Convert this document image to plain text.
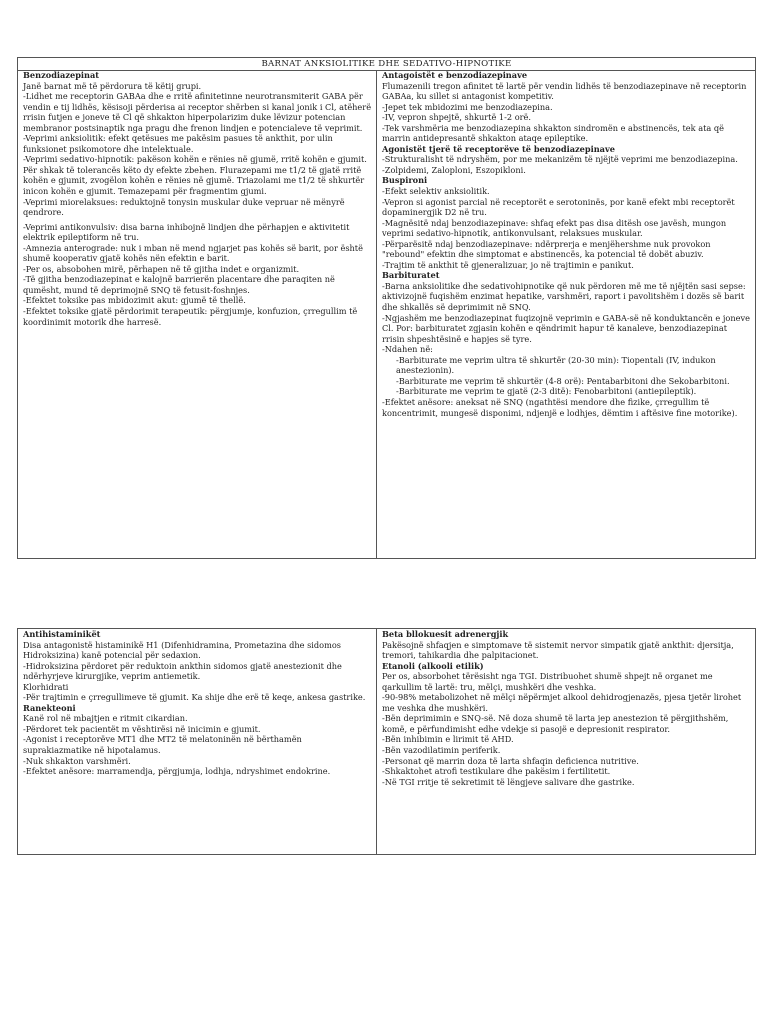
BARNAT ANKSIOLITIKE DHE SEDATIVO-HIPNOTIKE
Benzodiazepinat
Janë barnat më të përdorura të këtij grupi.
-Lidhet me receptorin GABAa dhe e rritë afinitetinne neurotransmiterit GABA për vendin e tij lidhës, kësisoji përderisa ai receptor shërben si kanal jonik i Cl, atëherë rrisin futjen e joneve të Cl që shkakton hiperpolarizim duke lëvizur potencian membranor postsinaptik nga pragu dhe frenon lindjen e potencialeve të veprimit.
-Veprimi anksiolitik: efekt qetësues me pakësim pasues të ankthit, por ulin funksionet psikomotore dhe intelektuale.
-Veprimi sedativo-hipnotik: pakëson kohën e rënies në gjumë, rritë kohën e gjumit. Për shkak të tolerancës këto dy efekte zbehen. Flurazepami me t1/2 të gjatë rritë kohën e gjumit, zvogëlon kohën e rënies në gjumë. Triazolami me t1/2 të shkurtër inicon kohën e gjumit. Temazepami për fragmentim gjumi.
-Veprimi miorelaksues: reduktojnë tonysin muskular duke vepruar në mënyrë qendrore.
-Veprimi antikonvulsiv: disa barna inhibojnë lindjen dhe përhapjen e aktivitetit elektrik epileptiform në tru.
-Amnezia anterograde: nuk i mban në mend ngjarjet pas kohës së barit, por është shumë kooperativ gjatë kohës nën efektin e barit.
-Per os, absobohen mirë, përhapen në të gjitha indet e organizmit.
-Të gjitha benzodiazepinat e kalojnë barrierën placentare dhe paraqiten në qumësht, mund të deprimojnë SNQ të fetusit-foshnjes.
-Efektet toksike pas mbidozimit akut: gjumë të thellë.
-Efektet toksike gjatë përdorimit terapeutik: përgjumje, konfuzion, çrregullim të koordinimit motorik dhe harresë.
Antagoistët e benzodiazepinave
Flumazenili tregon afinitet të lartë për vendin lidhës të benzodiazepinave në receptorin GABAa, ku sillet si antagonist kompetitiv.
-Jepet tek mbidozimi me benzodiazepina.
-IV, vepron shpejtë, shkurtë 1-2 orë.
-Tek varshmëria me benzodiazepina shkakton sindromën e abstinencës, tek ata që marrin antidepresantë shkakton ataqe epileptike.
Agonistët tjerë të receptorëve të benzodiazepinave
-Strukturalisht të ndryshëm, por me mekanizëm të njëjtë veprimi me benzodiazepina.
-Zolpidemi, Zaloploni, Eszopikloni.
Buspironi
-Efekt selektiv anksiolitik.
-Vepron si agonist parcial në receptorët e serotoninës, por kanë efekt mbi receptorët dopaminergjik D2 në tru.
-Magnësitë ndaj benzodiazepinave: shfaq efekt pas disa ditësh ose javësh, mungon veprimi sedativo-hipnotik, antikonvulsant, relaksues muskular.
-Përparësitë ndaj benzodiazepinave: ndërprerja e menjëhershme nuk provokon "rebound" efektin dhe simptomat e abstinencës, ka potencial të dobët abuziv.
-Trajtim të ankthit të gjeneralizuar, jo në trajtimin e panikut.
Barbituratet
-Barna anksiolitike dhe sedativohipnotike që nuk përdoren më me të njëjtën sasi sepse: aktivizojnë fuqishëm enzimat hepatike, varshmëri, raport i pavolitshëm i dozës së barit dhe shkallës së deprimimit në SNQ.
-Ngjashëm me benzodiazepinat fuqizojnë veprimin e GABA-së në konduktancën e joneve Cl. Por: barbituratet zgjasin kohën e qëndrimit hapur të kanaleve, benzodiazepinat rrisin shpeshtësinë e hapjes së tyre.
-Ndahen në:
-Barbiturate me veprim ultra të shkurtër (20-30 min): Tiopentali (IV, indukon anestezionin).
-Barbiturate me veprim të shkurtër (4-8 orë): Pentabarbitoni dhe Sekobarbitoni.
-Barbiturate me veprim te gjatë (2-3 ditë): Fenobarbitoni (antiepileptik).
-Efektet anësore: aneksat në SNQ (ngathtësi mendore dhe fizike, çrregullim të koncentrimit, mungesë disponimi, ndjenjë e lodhjes, dëmtim i aftësive fine motorike).
Antihistaminikët
Disa antagonistë histaminikë H1 (Difenhidramina, Prometazina dhe sidomos Hidroksizina) kanë potencial për sedaxion.
-Hidroksizina përdoret për reduktoin ankthin sidomos gjatë anestezionit dhe ndërhyrjeve kirurgjike, veprim antiemetik.
Klorhidrati
-Për trajtimin e çrregullimeve të gjumit. Ka shije dhe erë të keqe, ankesa gastrike.
Ranekteoni
Kanë rol në mbajtjen e ritmit cikardian.
-Përdoret tek pacientët m vështirësi në inicimin e gjumit.
-Agonist i receptorëve MT1 dhe MT2 të melatoninën në bërthamën suprakiazmatike në hipotalamus.
-Nuk shkakton varshmëri.
-Efektet anësore: marramendja, përgjumja, lodhja, ndryshimet endokrine.
Beta bllokuesit adrenergjik
Pakësojnë shfaqjen e simptomave të sistemit nervor simpatik gjatë ankthit: djersitja, tremori, tahikardia dhe palpitacionet.
Etanoli (alkooli etilik)
Per os, absorbohet tërësisht nga TGI. Distribuohet shumë shpejt në organet me qarkullim të lartë: tru, mëlçi, mushkëri dhe veshka.
-90-98% metabolizohet në mëlçi nëpërmjet alkool dehidrogjenazës, pjesa tjetër lirohet me veshka dhe mushkëri.
-Bën deprimimin e SNQ-së. Në doza shumë të larta jep anestezion të përgjithshëm, komë, e përfundimisht edhe vdekje si pasojë e depresionit respirator.
-Bën inhibimin e lirimit të AHD.
-Bën vazodilatimin periferik.
-Personat që marrin doza të larta shfaqin deficienca nutritive.
-Shkaktohet atrofi testikulare dhe pakësim i fertilitetit.
-Në TGI rritje të sekretimit të lëngjeve salivare dhe gastrike.
